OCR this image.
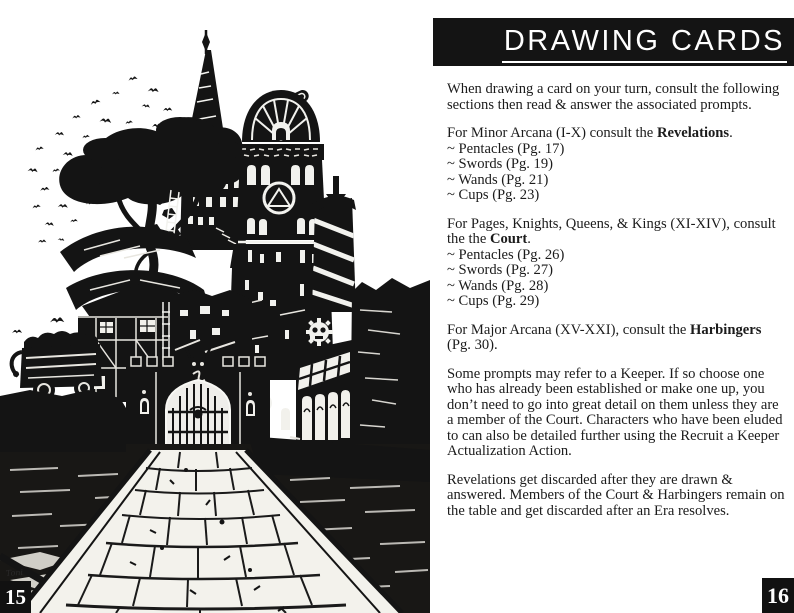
Toni
15	16
DRAWING CARDS

When drawing a card on your turn, consult the following sections then read & answer the associated prompts.

For Minor Arcana (I-X) consult the Revelations.

~ Pentacles (Pg. 17)
~ Swords (Pg. 19)
~ Wands (Pg. 21)
~ Cups (Pg. 23)

For Pages, Knights, Queens, & Kings (XI-XIV), consult the the Court.

~ Pentacles (Pg. 26)
~ Swords (Pg. 27)
~ Wands (Pg. 28)
~ Cups (Pg. 29)

For Major Arcana (XV-XXI), consult the Harbingers (Pg. 30).

Some prompts may refer to a Keeper. If so choose one who has already been established or make one up, you don’t need to go into great detail on them unless they are a member of the Court. Characters who have been eluded to can also be detailed further using the Recruit a Keeper Actualization Action.

Revelations get discarded after they are drawn & answered. Members of the Court & Harbingers remain on the table and get discarded after an Era resolves.
